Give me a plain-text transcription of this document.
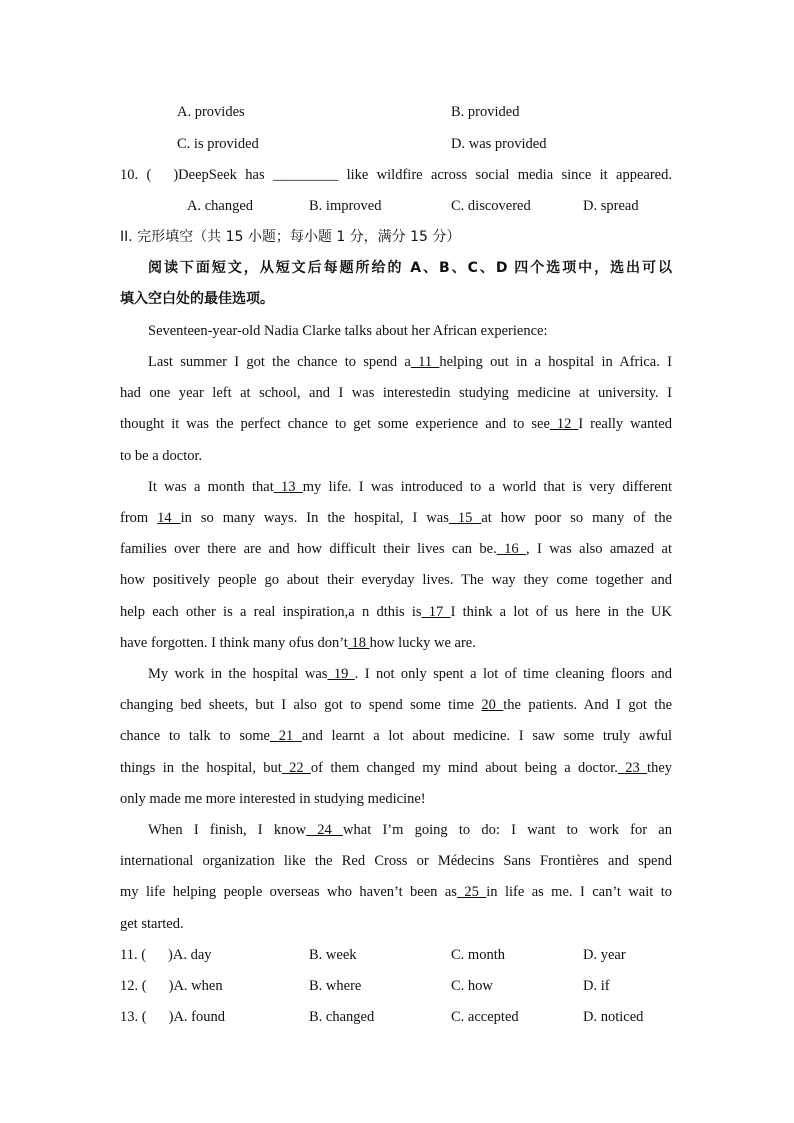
A. provides	B. provided
C. is provided	D. was provided
10. ( )DeepSeek has _________ like wildfire across social media since it appeared.
A. changed	B. improved	C. discovered	D. spread
II. 完形填空（共 15 小题；每小题 1 分，满分 15 分）
阅读下面短文，从短文后每题所给的 A、B、C、D 四个选项中，选出可以
填入空白处的最佳选项。
Seventeen-year-old Nadia Clarke talks about her African experience:
Last summer I got the chance to spend a 11 helping out in a hospital in Africa. I
had one year left at school, and I was interestedin studying medicine at university. I
thought it was the perfect chance to get some experience and to see 12 I really wanted
to be a doctor.
It was a month that 13 my life. I was introduced to a world that is very different
from 14 in so many ways. In the hospital, I was 15 at how poor so many of the
families over there are and how difficult their lives can be. 16 , I was also amazed at
how positively people go about their everyday lives. The way they come together and
help each other is a real inspiration,a n dthis is 17 I think a lot of us here in the UK
have forgotten. I think many ofus don’t 18 how lucky we are.
My work in the hospital was 19 . I not only spent a lot of time cleaning floors and
changing bed sheets, but I also got to spend some time 20 the patients. And I got the
chance to talk to some 21 and learnt a lot about medicine. I saw some truly awful
things in the hospital, but 22 of them changed my mind about being a doctor. 23 they
only made me more interested in studying medicine!
When I finish, I know 24 what I’m going to do: I want to work for an
international organization like the Red Cross or Médecins Sans Frontières and spend
my life helping people overseas who haven’t been as 25 in life as me. I can’t wait to
get started.
11. ( )A. day	B. week	C. month	D. year
12. ( )A. when	B. where	C. how	D. if
13. ( )A. found	B. changed	C. accepted	D. noticed
